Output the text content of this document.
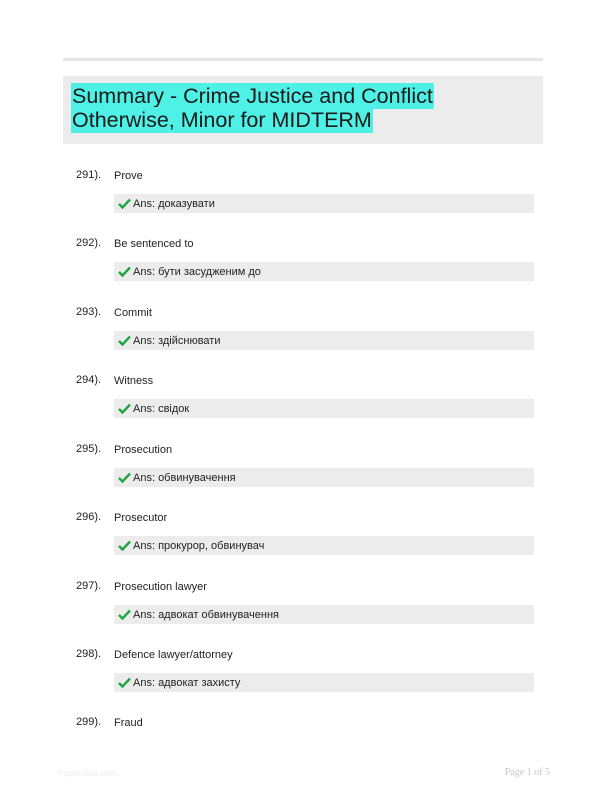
Summary - Crime Justice and Conflict Otherwise, Minor for MIDTERM
291). Prove
Ans: доказувати
292). Be sentenced to
Ans: бути засудженим до
293). Commit
Ans: здійснювати
294). Witness
Ans: свідок
295). Prosecution
Ans: обвинувачення
296). Prosecutor
Ans: прокурор, обвинувач
297). Prosecution lawyer
Ans: адвокат обвинувачення
298). Defence lawyer/attorney
Ans: адвокат захисту
299). Fraud
Papersbio.com	Page 1 of 5
